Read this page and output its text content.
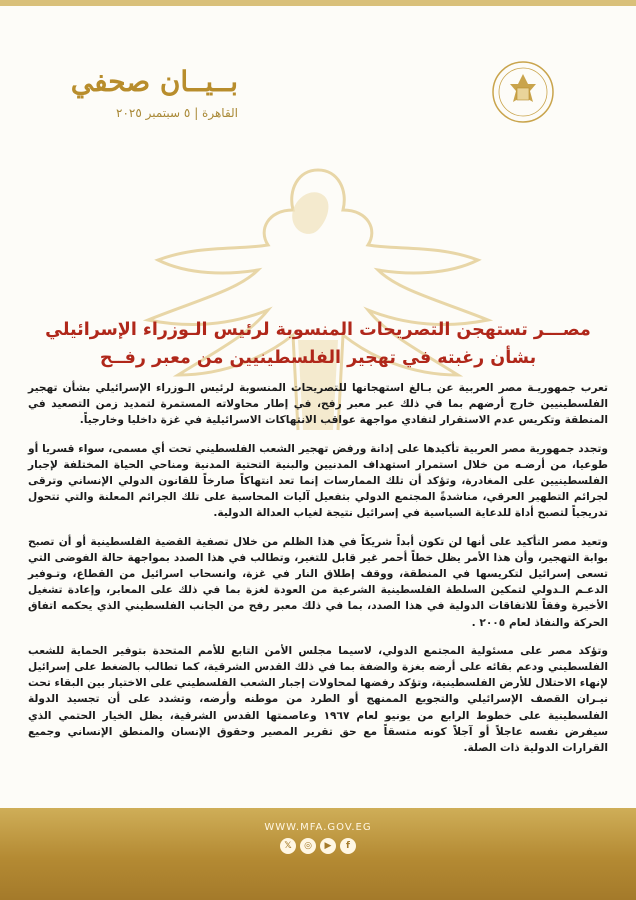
بــيــان صحفي
القاهرة | ٥ سبتمبر ٢٠٢٥
مصـــر تستهجن التصريحات المنسوبة لرئيس الـوزراء الإسرائيلي
بشأن رغبته في تهجير الفلسطينيين من معبر رفــح

تعرب جمهوريـة مصر العربية عن بـالغ استهجانها للتصريحات المنسوبة لرئيس الـوزراء الإسرائيلي بشأن تهجير الفلسطينيين خارج أرضهم بما في ذلك عبر معبر رفح، في إطار محاولاته المستمرة لتمديد زمن التصعيد في المنطقة وتكريس عدم الاستقرار لتفادي مواجهة عواقب الانتهاكات الاسرائيلية في غزة داخليا وخارجياً.

وتجدد جمهورية مصر العربية تأكيدها على إدانة ورفض تهجير الشعب الفلسطيني تحت أي مسمى، سواء قسريا أو طوعيا، من أرضـه من خلال استمرار استهداف المدنيين والبنية التحتية المدنية ومناحي الحياة المختلفة لإجبار الفلسطينيين على المغادرة، وتؤكد أن تلك الممارسات إنما تعد انتهاكاً صارخاً للقانون الدولي الإنساني وترقى لجرائم التطهير العرقي، مناشدةً المجتمع الدولي بتفعيل آليات المحاسبة على تلك الجرائم المعلنة والتي تتحول تدريجياً لتصبح أداة للدعاية السياسية في إسرائيل نتيجة لغياب العدالة الدولية.

وتعيد مصر التأكيد على أنها لن تكون أبداً شريكاً في هذا الظلم من خلال تصفية القضية الفلسطينية أو أن تصبح بوابة التهجير، وأن هذا الأمر يظل خطاً أحمر غير قابل للتغير، وتطالب في هذا الصدد بمواجهة حالة الفوضى التي تسعى إسرائيل لتكريسها في المنطقة، ووقف إطلاق النار في غزة، وانسحاب اسرائيل من القطاع، وتـوفير الدعـم الـدولي لتمكين السلطة الفلسطينية الشرعية من العودة لغزة بما في ذلك على المعابر، وإعادة تشغيل الأخيرة وفقاً للاتفاقات الدولية في هذا الصدد، بما في ذلك معبر رفح من الجانب الفلسطيني الذي يحكمه اتفاق الحركة والنفاذ لعام ٢٠٠٥ .

وتؤكد مصر على مسئولية المجتمع الدولي، لاسيما مجلس الأمن التابع للأمم المتحدة بتوفير الحماية للشعب الفلسطيني ودعم بقائه على أرضه بغزة والضفة بما في ذلك القدس الشرقية، كما تطالب بالضغط على إسرائيل لإنهاء الاحتلال للأرض الفلسطينية، وتؤكد رفضها لمحاولات إجبار الشعب الفلسطيني على الاختيار بين البقاء تحت نيـران القصف الإسرائيلي والتجويع الممنهج أو الطرد من موطنه وأرضه، وتشدد على أن تجسيد الدولة الفلسطينية على خطوط الرابع من يونيو لعام ١٩٦٧ وعاصمتها القدس الشرقية، يظل الخيار الحتمي الذي سيفرض نفسه عاجلاً أو آجلاً كونه متسقاً مع حق تقرير المصير وحقوق الإنسان والمنطق الإنساني وجميع القرارات الدولية ذات الصلة.

WWW.MFA.GOV.EG
𝕏	◎	▶	f
